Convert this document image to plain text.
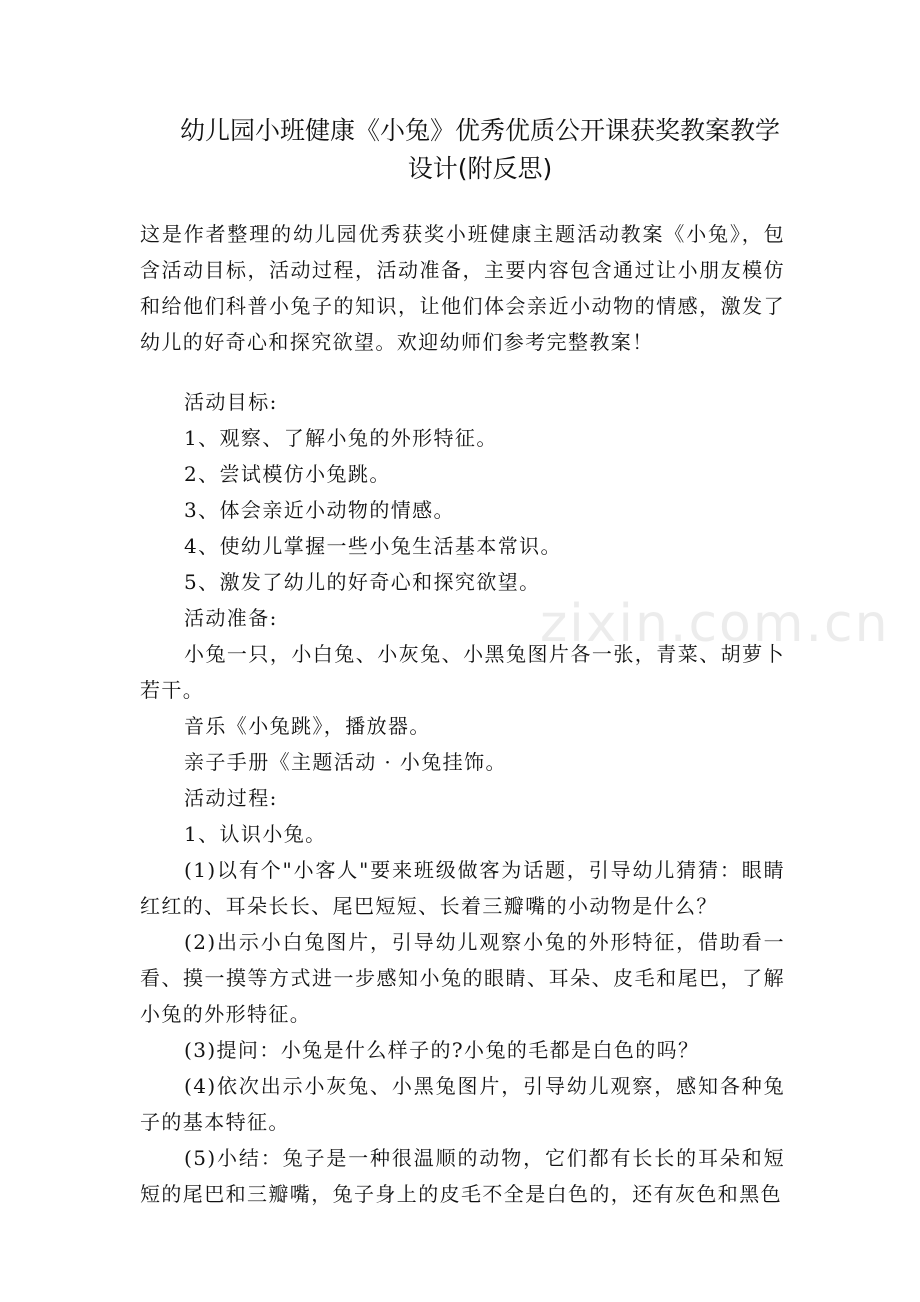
幼儿园小班健康《小兔》优秀优质公开课获奖教案教学
设计(附反思)

这是作者整理的幼儿园优秀获奖小班健康主题活动教案《小兔》，包含活动目标，活动过程，活动准备，主要内容包含通过让小朋友模仿和给他们科普小兔子的知识，让他们体会亲近小动物的情感，激发了幼儿的好奇心和探究欲望。欢迎幼师们参考完整教案！

活动目标:

1、观察、了解小兔的外形特征。

2、尝试模仿小兔跳。

3、体会亲近小动物的情感。

4、使幼儿掌握一些小兔生活基本常识。

5、激发了幼儿的好奇心和探究欲望。

活动准备:

小兔一只，小白兔、小灰兔、小黑兔图片各一张，青菜、胡萝卜若干。

音乐《小兔跳》，播放器。

亲子手册《主题活动 · 小兔挂饰。

活动过程:

1、认识小兔。

(1)以有个"小客人"要来班级做客为话题，引导幼儿猜猜：眼睛红红的、耳朵长长、尾巴短短、长着三瓣嘴的小动物是什么？

(2)出示小白兔图片，引导幼儿观察小兔的外形特征，借助看一看、摸一摸等方式进一步感知小兔的眼睛、耳朵、皮毛和尾巴，了解小兔的外形特征。

(3)提问：小兔是什么样子的?小兔的毛都是白色的吗？

(4)依次出示小灰兔、小黑兔图片，引导幼儿观察，感知各种兔子的基本特征。

(5)小结：兔子是一种很温顺的动物，它们都有长长的耳朵和短短的尾巴和三瓣嘴，兔子身上的皮毛不全是白色的，还有灰色和黑色

zixin.com.cn
